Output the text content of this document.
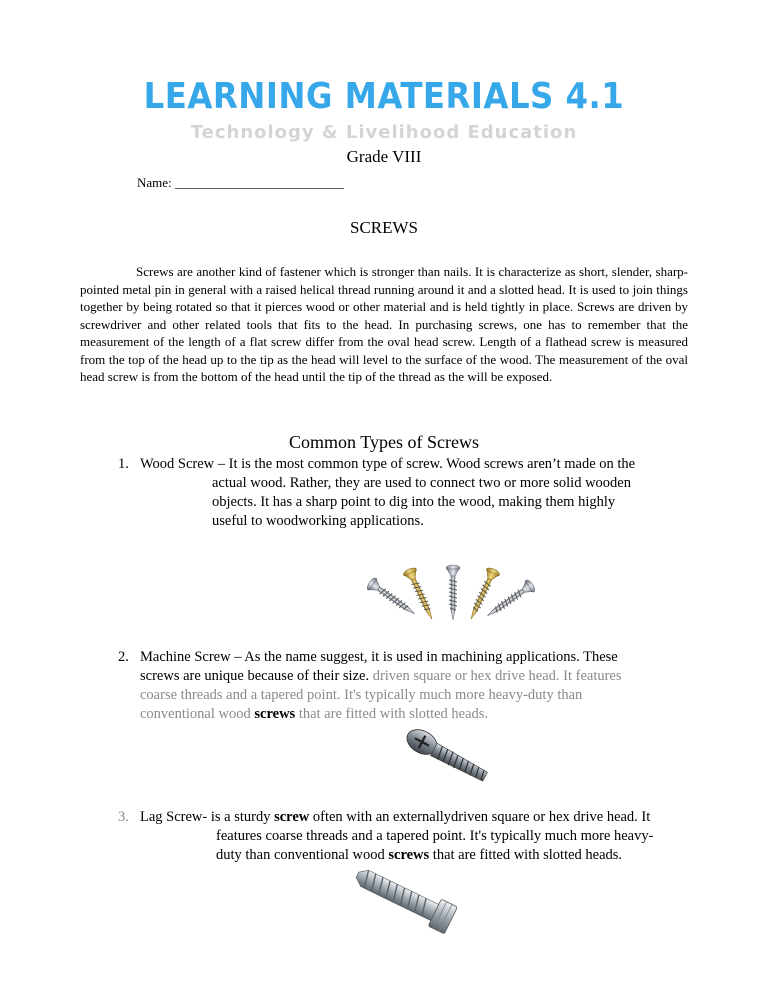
LEARNING MATERIALS 4.1
Technology & Livelihood Education
Grade VIII
Name: __________________________
SCREWS

Screws are another kind of fastener which is stronger than nails. It is characterize as short, slender, sharp-pointed metal pin in general with a raised helical thread running around it and a slotted head. It is used to join things together by being rotated so that it pierces wood or other material and is held tightly in place. Screws are driven by screwdriver and other related tools that fits to the head. In purchasing screws, one has to remember that the measurement of the length of a flat screw differ from the oval head screw. Length of a flathead screw is measured from the top of the head up to the tip as the head will level to the surface of the wood. The measurement of the oval head screw is from the bottom of the head until the tip of the thread as the will be exposed.

Common Types of Screws
1. Wood Screw – It is the most common type of screw. Wood screws aren’t made on the
actual wood. Rather, they are used to connect two or more solid wooden
objects. It has a sharp point to dig into the wood, making them highly
useful to woodworking applications.
2. Machine Screw – As the name suggest, it is used in machining applications. These
screws are unique because of their size. driven square or hex drive head. It features
coarse threads and a tapered point. It's typically much more heavy-duty than
conventional wood screws that are fitted with slotted heads.
3. Lag Screw- is a sturdy screw often with an externallydriven square or hex drive head. It
features coarse threads and a tapered point. It's typically much more heavy-
duty than conventional wood screws that are fitted with slotted heads.
